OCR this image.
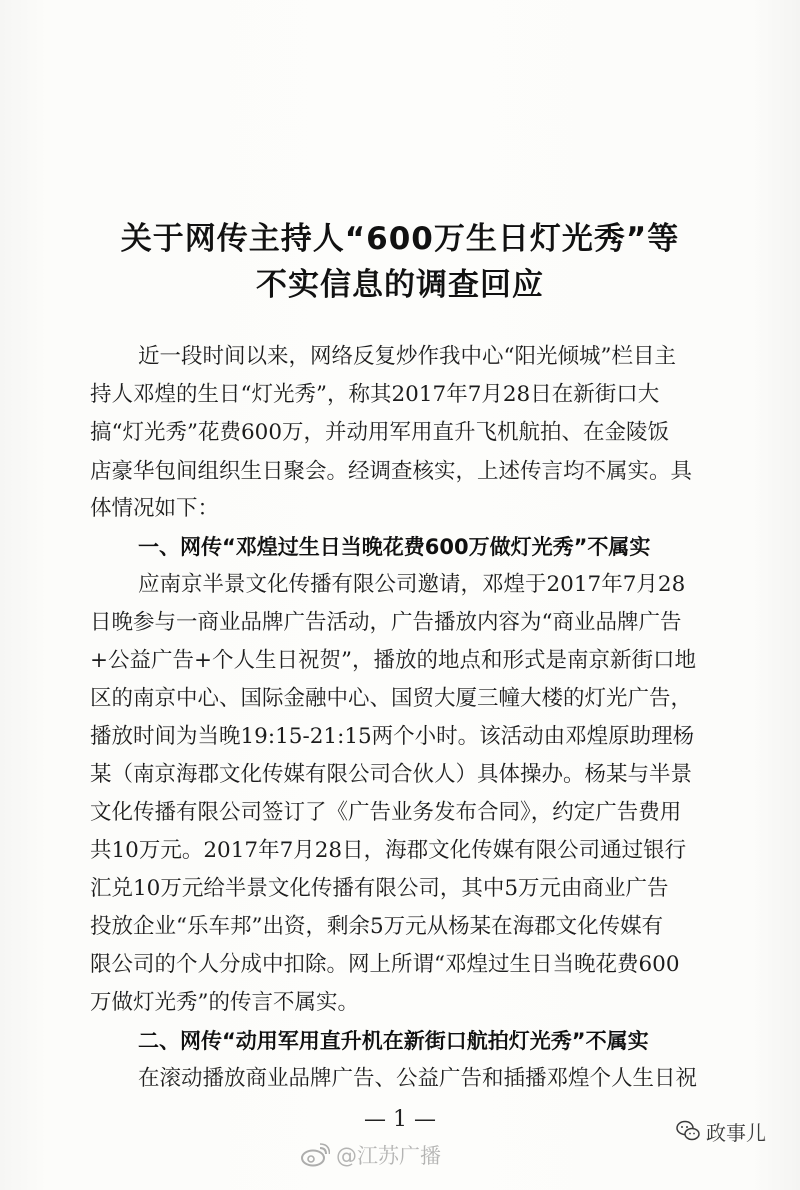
关于网传主持人“600万生日灯光秀”等
不实信息的调查回应
近一段时间以来，网络反复炒作我中心“阳光倾城”栏目主
持人邓煌的生日“灯光秀”，称其2017年7月28日在新街口大
搞“灯光秀”花费600万，并动用军用直升飞机航拍、在金陵饭
店豪华包间组织生日聚会。经调查核实，上述传言均不属实。具
体情况如下：
一、网传“邓煌过生日当晚花费600万做灯光秀”不属实
应南京半景文化传播有限公司邀请，邓煌于2017年7月28
日晚参与一商业品牌广告活动，广告播放内容为“商业品牌广告
+公益广告+个人生日祝贺”，播放的地点和形式是南京新街口地
区的南京中心、国际金融中心、国贸大厦三幢大楼的灯光广告，
播放时间为当晚19:15-21:15两个小时。该活动由邓煌原助理杨
某（南京海郡文化传媒有限公司合伙人）具体操办。杨某与半景
文化传播有限公司签订了《广告业务发布合同》，约定广告费用
共10万元。2017年7月28日，海郡文化传媒有限公司通过银行
汇兑10万元给半景文化传播有限公司，其中5万元由商业广告
投放企业“乐车邦”出资，剩余5万元从杨某在海郡文化传媒有
限公司的个人分成中扣除。网上所谓“邓煌过生日当晚花费600
万做灯光秀”的传言不属实。
二、网传“动用军用直升机在新街口航拍灯光秀”不属实
在滚动播放商业品牌广告、公益广告和插播邓煌个人生日祝
— 1 —
@江苏广播
政事儿
